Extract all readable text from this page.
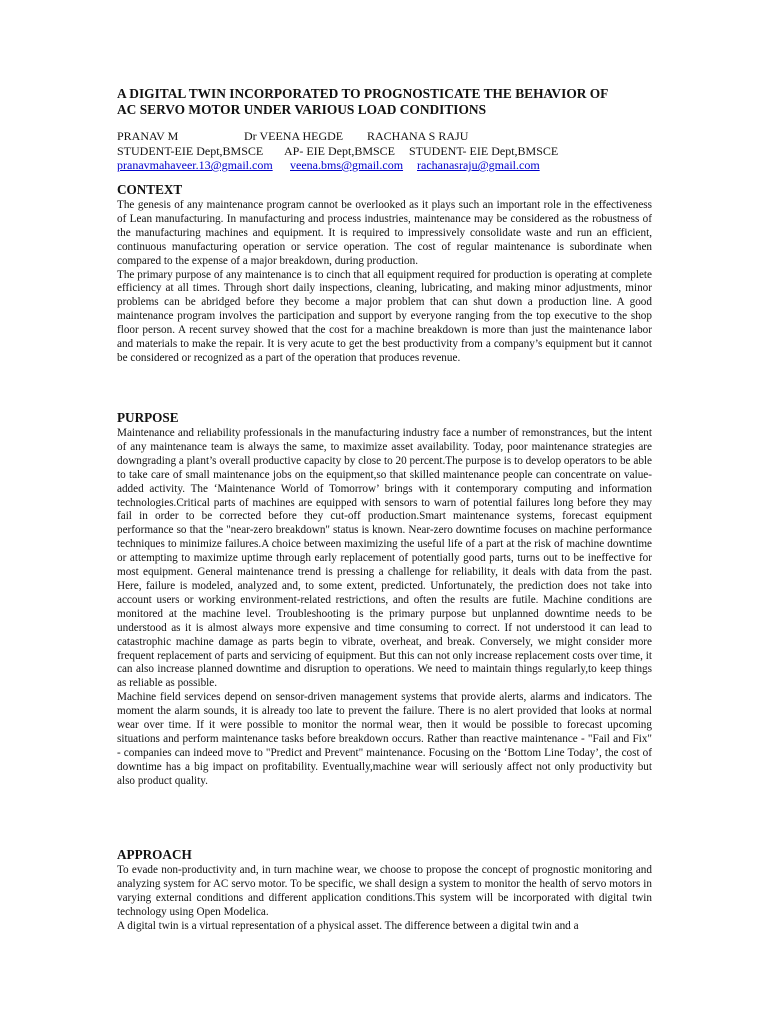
A DIGITAL TWIN INCORPORATED TO PROGNOSTICATE THE BEHAVIOR OF
AC SERVO MOTOR UNDER VARIOUS LOAD CONDITIONS
PRANAV M	Dr VEENA HEGDE RACHANA S RAJU
STUDENT-EIE Dept,BMSCE AP- EIE Dept,BMSCE STUDENT- EIE Dept,BMSCE
pranavmahaveer.13@gmail.com veena.bms@gmail.com rachanasraju@gmail.com
CONTEXT

The genesis of any maintenance program cannot be overlooked as it plays such an important role in the effectiveness of Lean manufacturing. In manufacturing and process industries, maintenance may be considered as the robustness of the manufacturing machines and equipment. It is required to impressively consolidate waste and run an efficient, continuous manufacturing operation or service operation. The cost of regular maintenance is subordinate when compared to the expense of a major breakdown, during production.

The primary purpose of any maintenance is to cinch that all equipment required for production is operating at complete efficiency at all times. Through short daily inspections, cleaning, lubricating, and making minor adjustments, minor problems can be abridged before they become a major problem that can shut down a production line. A good maintenance program involves the participation and support by everyone ranging from the top executive to the shop floor person. A recent survey showed that the cost for a machine breakdown is more than just the maintenance labor and materials to make the repair. It is very acute to get the best productivity from a company’s equipment but it cannot be considered or recognized as a part of the operation that produces revenue.

PURPOSE

Maintenance and reliability professionals in the manufacturing industry face a number of remonstrances, but the intent of any maintenance team is always the same, to maximize asset availability. Today, poor maintenance strategies are downgrading a plant’s overall productive capacity by close to 20 percent.The purpose is to develop operators to be able to take care of small maintenance jobs on the equipment,so that skilled maintenance people can concentrate on value-added activity. The ‘Maintenance World of Tomorrow’ brings with it contemporary computing and information technologies.Critical parts of machines are equipped with sensors to warn of potential failures long before they may fail in order to be corrected before they cut-off production.Smart maintenance systems, forecast equipment performance so that the "near-zero breakdown" status is known. Near-zero downtime focuses on machine performance techniques to minimize failures.A choice between maximizing the useful life of a part at the risk of machine downtime or attempting to maximize uptime through early replacement of potentially good parts, turns out to be ineffective for most equipment. General maintenance trend is pressing a challenge for reliability, it deals with data from the past. Here, failure is modeled, analyzed and, to some extent, predicted. Unfortunately, the prediction does not take into account users or working environment-related restrictions, and often the results are futile. Machine conditions are monitored at the machine level. Troubleshooting is the primary purpose but unplanned downtime needs to be understood as it is almost always more expensive and time consuming to correct. If not understood it can lead to catastrophic machine damage as parts begin to vibrate, overheat, and break. Conversely, we might consider more frequent replacement of parts and servicing of equipment. But this can not only increase replacement costs over time, it can also increase planned downtime and disruption to operations. We need to maintain things regularly,to keep things as reliable as possible.

Machine field services depend on sensor-driven management systems that provide alerts, alarms and indicators. The moment the alarm sounds, it is already too late to prevent the failure. There is no alert provided that looks at normal wear over time. If it were possible to monitor the normal wear, then it would be possible to forecast upcoming situations and perform maintenance tasks before breakdown occurs. Rather than reactive maintenance - "Fail and Fix" - companies can indeed move to "Predict and Prevent" maintenance. Focusing on the ‘Bottom Line Today’, the cost of downtime has a big impact on profitability. Eventually,machine wear will seriously affect not only productivity but also product quality.

APPROACH

To evade non-productivity and, in turn machine wear, we choose to propose the concept of prognostic monitoring and analyzing system for AC servo motor. To be specific, we shall design a system to monitor the health of servo motors in varying external conditions and different application conditions.This system will be incorporated with digital twin technology using Open Modelica.

A digital twin is a virtual representation of a physical asset. The difference between a digital twin and a
